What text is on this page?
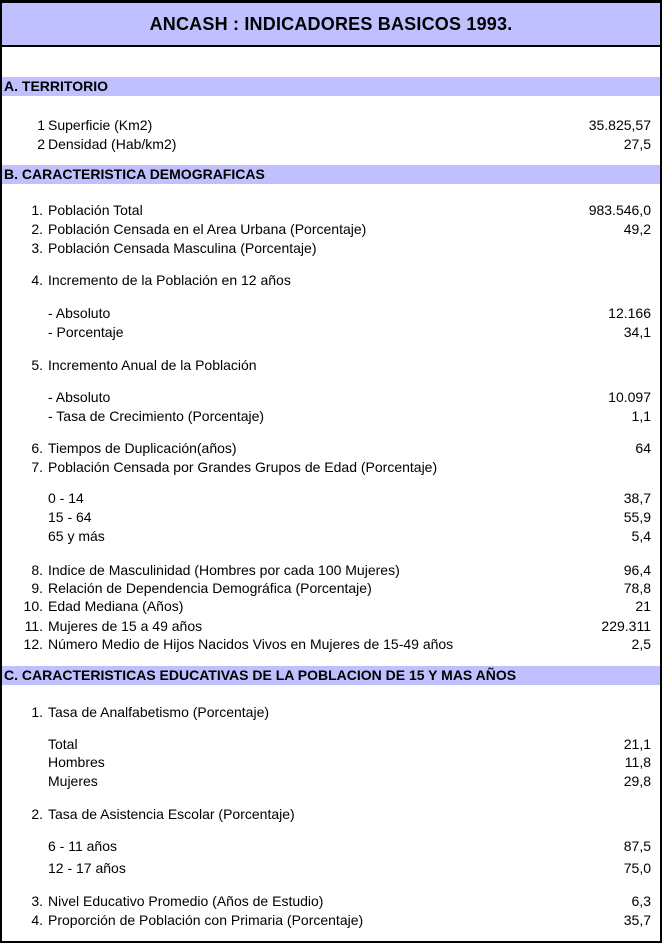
ANCASH : INDICADORES BASICOS 1993.
A. TERRITORIO
1 Superficie (Km2)	35.825,57
2 Densidad (Hab/km2)	27,5
B. CARACTERISTICA DEMOGRAFICAS
1. Población Total	983.546,0
2. Población Censada en el Area Urbana (Porcentaje)	49,2
3. Población Censada Masculina (Porcentaje)
4. Incremento de la Población en 12 años
- Absoluto	12.166
- Porcentaje	34,1
5. Incremento Anual de la Población
- Absoluto	10.097
- Tasa de Crecimiento (Porcentaje)	1,1
6. Tiempos de Duplicación(años)	64
7. Población Censada por Grandes Grupos de Edad (Porcentaje)
0 - 14	38,7
15 - 64	55,9
65 y más	5,4
8. Indice de Masculinidad (Hombres por cada 100 Mujeres)	96,4
9. Relación de Dependencia Demográfica (Porcentaje)	78,8
10. Edad Mediana (Años)	21
11. Mujeres de 15 a 49 años	229.311
12. Número Medio de Hijos Nacidos Vivos en Mujeres de 15-49 años	2,5
C. CARACTERISTICAS EDUCATIVAS DE LA POBLACION DE 15 Y MAS AÑOS
1. Tasa de Analfabetismo (Porcentaje)
Total	21,1
Hombres	11,8
Mujeres	29,8
2. Tasa de Asistencia Escolar (Porcentaje)
6 - 11 años	87,5
12 - 17 años	75,0
3. Nivel Educativo Promedio (Años de Estudio)	6,3
4. Proporción de Población con Primaria (Porcentaje)	35,7
